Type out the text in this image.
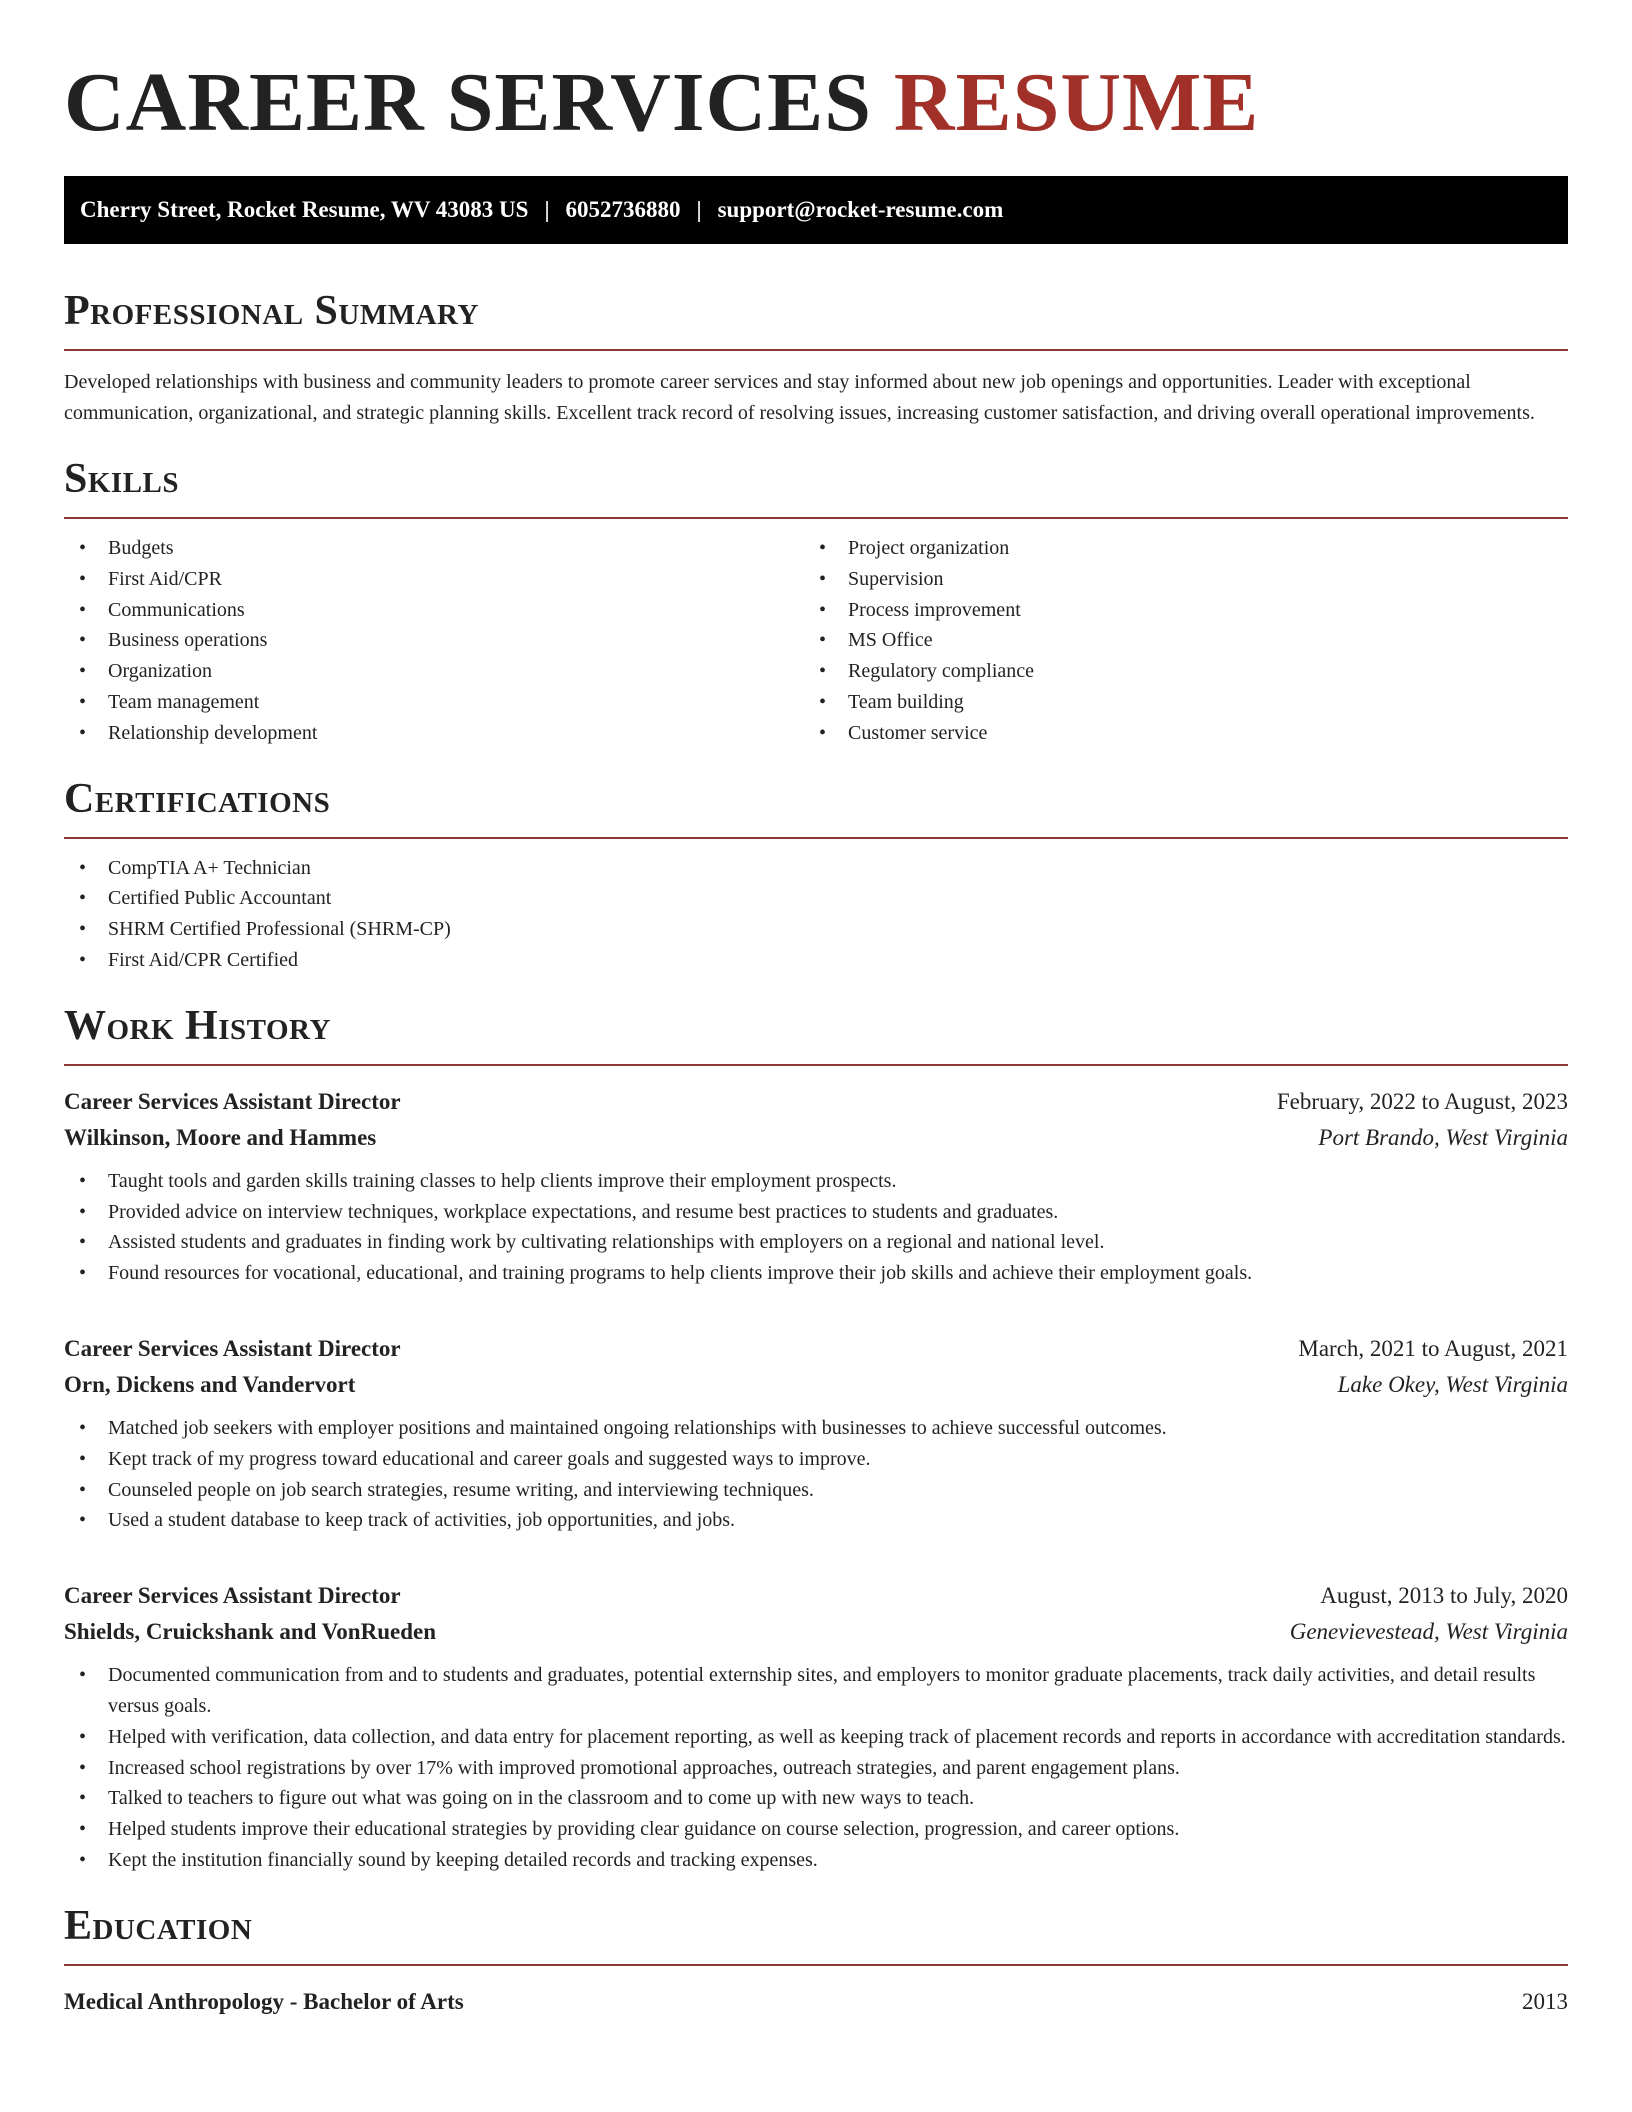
CAREER SERVICES RESUME
Cherry Street, Rocket Resume, WV 43083 US | 6052736880 | support@rocket-resume.com
Professional Summary

Developed relationships with business and community leaders to promote career services and stay informed about new job openings and opportunities. Leader with exceptional communication, organizational, and strategic planning skills. Excellent track record of resolving issues, increasing customer satisfaction, and driving overall operational improvements.

Skills
• Budgets
• First Aid/CPR
• Communications
• Business operations
• Organization
• Team management
• Relationship development
• Project organization
• Supervision
• Process improvement
• MS Office
• Regulatory compliance
• Team building
• Customer service
Certifications
• CompTIA A+ Technician
• Certified Public Accountant
• SHRM Certified Professional (SHRM-CP)
• First Aid/CPR Certified
Work History
Career Services Assistant Director	February, 2022 to August, 2023
Wilkinson, Moore and Hammes	Port Brando, West Virginia
• Taught tools and garden skills training classes to help clients improve their employment prospects.
• Provided advice on interview techniques, workplace expectations, and resume best practices to students and graduates.
• Assisted students and graduates in finding work by cultivating relationships with employers on a regional and national level.
• Found resources for vocational, educational, and training programs to help clients improve their job skills and achieve their employment goals.
Career Services Assistant Director	March, 2021 to August, 2021
Orn, Dickens and Vandervort	Lake Okey, West Virginia
• Matched job seekers with employer positions and maintained ongoing relationships with businesses to achieve successful outcomes.
• Kept track of my progress toward educational and career goals and suggested ways to improve.
• Counseled people on job search strategies, resume writing, and interviewing techniques.
• Used a student database to keep track of activities, job opportunities, and jobs.
Career Services Assistant Director	August, 2013 to July, 2020
Shields, Cruickshank and VonRueden	Genevievestead, West Virginia
• Documented communication from and to students and graduates, potential externship sites, and employers to monitor graduate placements, track daily activities, and detail results versus goals.
• Helped with verification, data collection, and data entry for placement reporting, as well as keeping track of placement records and reports in accordance with accreditation standards.
• Increased school registrations by over 17% with improved promotional approaches, outreach strategies, and parent engagement plans.
• Talked to teachers to figure out what was going on in the classroom and to come up with new ways to teach.
• Helped students improve their educational strategies by providing clear guidance on course selection, progression, and career options.
• Kept the institution financially sound by keeping detailed records and tracking expenses.
Education
Medical Anthropology - Bachelor of Arts	2013
